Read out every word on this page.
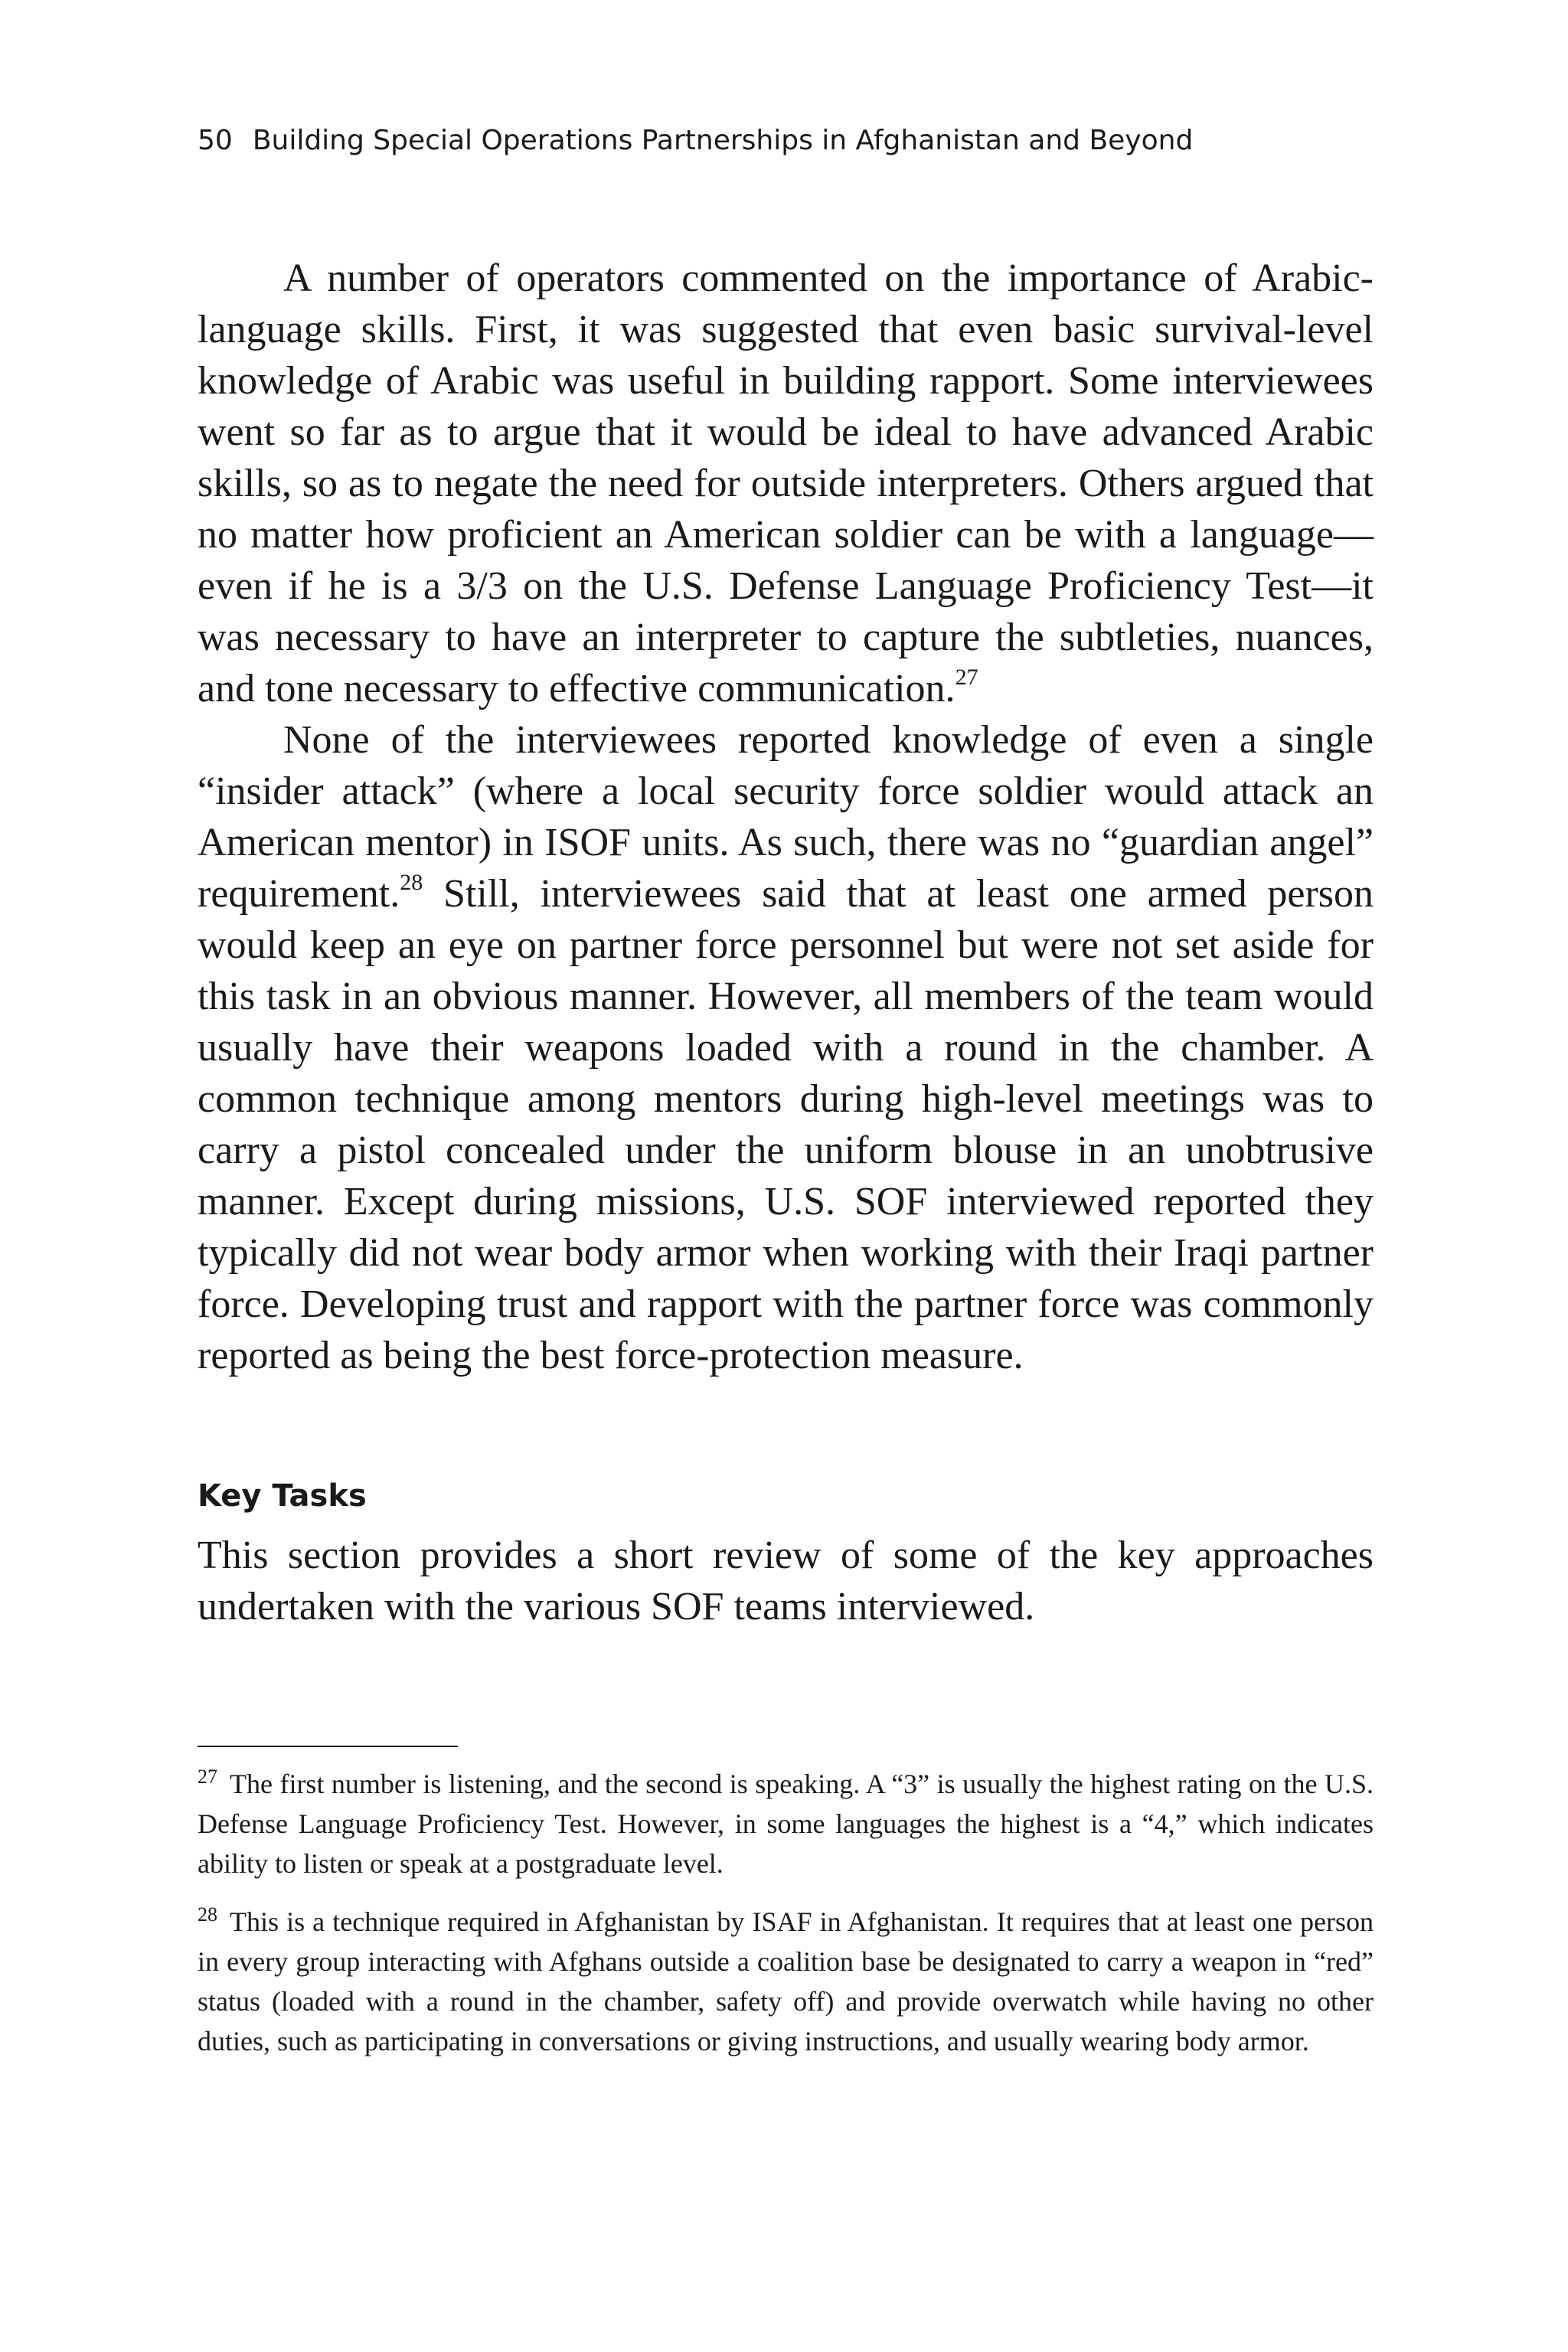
50 Building Special Operations Partnerships in Afghanistan and Beyond

A number of operators commented on the importance of Arabic-language skills. First, it was suggested that even basic survival-level knowledge of Arabic was useful in building rapport. Some interviewees went so far as to argue that it would be ideal to have advanced Arabic skills, so as to negate the need for outside interpreters. Others argued that no matter how proficient an American soldier can be with a language—even if he is a 3/3 on the U.S. Defense Language Proficiency Test—it was necessary to have an interpreter to capture the subtleties, nuances, and tone necessary to effective communication.$^{27}$

None of the interviewees reported knowledge of even a single “insider attack” (where a local security force soldier would attack an American mentor) in ISOF units. As such, there was no “guardian angel” requirement.$^{28}$ Still, interviewees said that at least one armed person would keep an eye on partner force personnel but were not set aside for this task in an obvious manner. However, all members of the team would usually have their weapons loaded with a round in the chamber. A common technique among mentors during high-level meetings was to carry a pistol concealed under the uniform blouse in an unobtrusive manner. Except during missions, U.S. SOF interviewed reported they typically did not wear body armor when working with their Iraqi partner force. Developing trust and rapport with the partner force was commonly reported as being the best force-protection measure.

Key Tasks

This section provides a short review of some of the key approaches undertaken with the various SOF teams interviewed.

$^{27}$ The first number is listening, and the second is speaking. A “3” is usually the highest rating on the U.S. Defense Language Proficiency Test. However, in some languages the highest is a “4,” which indicates ability to listen or speak at a postgraduate level.

$^{28}$ This is a technique required in Afghanistan by ISAF in Afghanistan. It requires that at least one person in every group interacting with Afghans outside a coalition base be designated to carry a weapon in “red” status (loaded with a round in the chamber, safety off) and provide overwatch while having no other duties, such as participating in conversations or giving instructions, and usually wearing body armor.
